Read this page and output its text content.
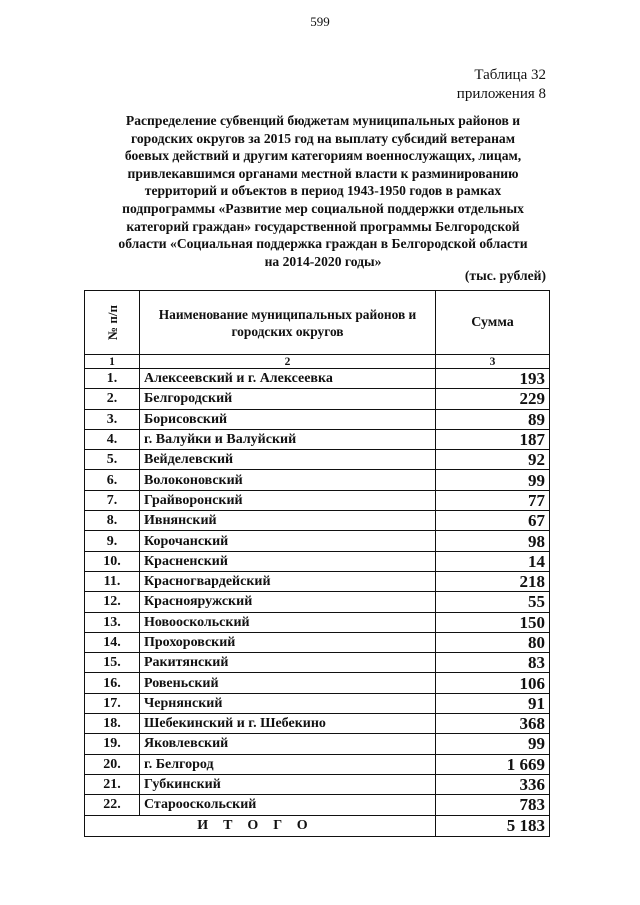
599
Таблица 32
приложения 8
Распределение субвенций бюджетам муниципальных районов и
городских округов за 2015 год на выплату субсидий ветеранам
боевых действий и другим категориям военнослужащих, лицам,
привлекавшимся органами местной власти к разминированию
территорий и объектов в период 1943-1950 годов в рамках
подпрограммы «Развитие мер социальной поддержки отдельных
категорий граждан» государственной программы Белгородской
области «Социальная поддержка граждан в Белгородской области
на 2014-2020 годы»
(тыс. рублей)
№ п/п	Наименование муниципальных районов и городских округов	Сумма
1	2	3
1.	Алексеевский и г. Алексеевка	193
2.	Белгородский	229
3.	Борисовский	89
4.	г. Валуйки и Валуйский	187
5.	Вейделевский	92
6.	Волоконовский	99
7.	Грайворонский	77
8.	Ивнянский	67
9.	Корочанский	98
10.	Красненский	14
11.	Красногвардейский	218
12.	Краснояружский	55
13.	Новооскольский	150
14.	Прохоровский	80
15.	Ракитянский	83
16.	Ровеньский	106
17.	Чернянский	91
18.	Шебекинский и г. Шебекино	368
19.	Яковлевский	99
20.	г. Белгород	1 669
21.	Губкинский	336
22.	Старооскольский	783
ИТОГО		5 183
